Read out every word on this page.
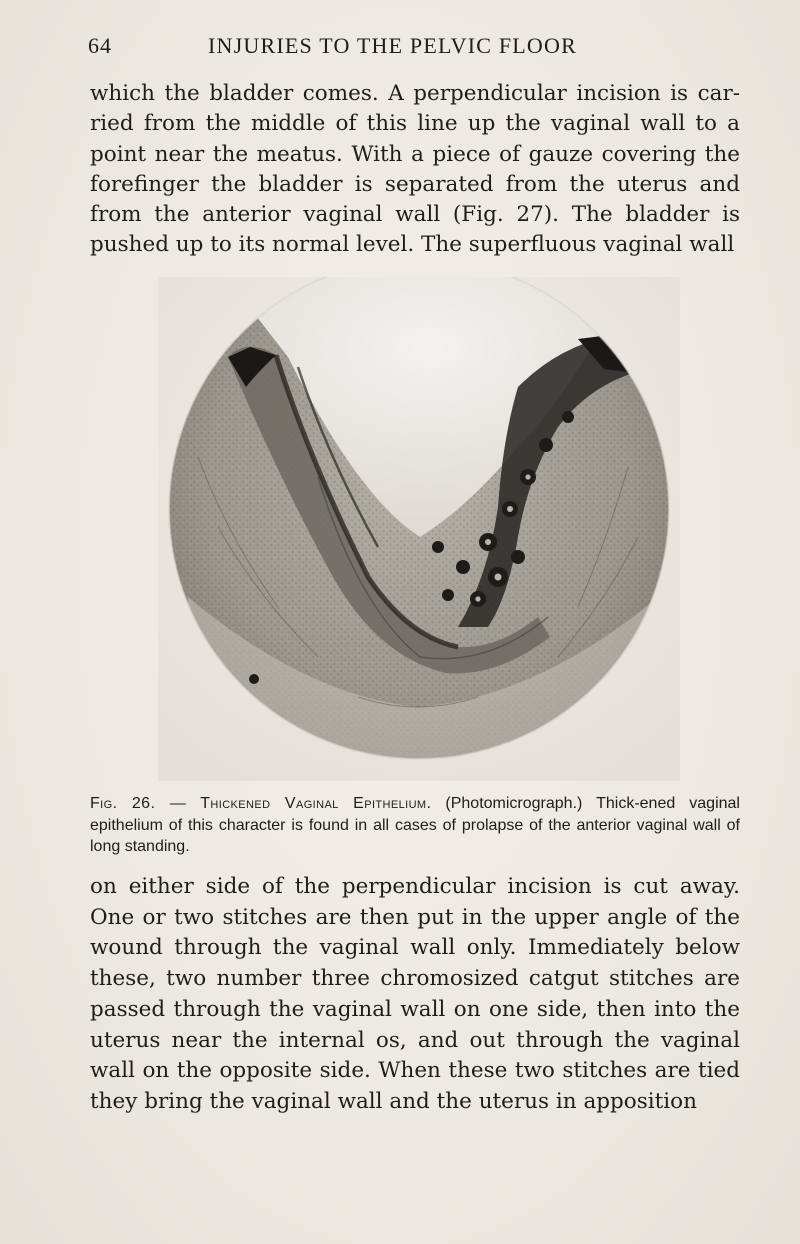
64	INJURIES TO THE PELVIC FLOOR

which the bladder comes. A perpendicular incision is car-ried from the middle of this line up the vaginal wall to a point near the meatus. With a piece of gauze covering the forefinger the bladder is separated from the uterus and from the anterior vaginal wall (Fig. 27). The bladder is pushed up to its normal level. The superfluous vaginal wall

Fig. 26. — Thickened Vaginal Epithelium. (Photomicrograph.) Thick-ened vaginal epithelium of this character is found in all cases of prolapse of the anterior vaginal wall of long standing.

on either side of the perpendicular incision is cut away. One or two stitches are then put in the upper angle of the wound through the vaginal wall only. Immediately below these, two number three chromosized catgut stitches are passed through the vaginal wall on one side, then into the uterus near the internal os, and out through the vaginal wall on the opposite side. When these two stitches are tied they bring the vaginal wall and the uterus in apposition
